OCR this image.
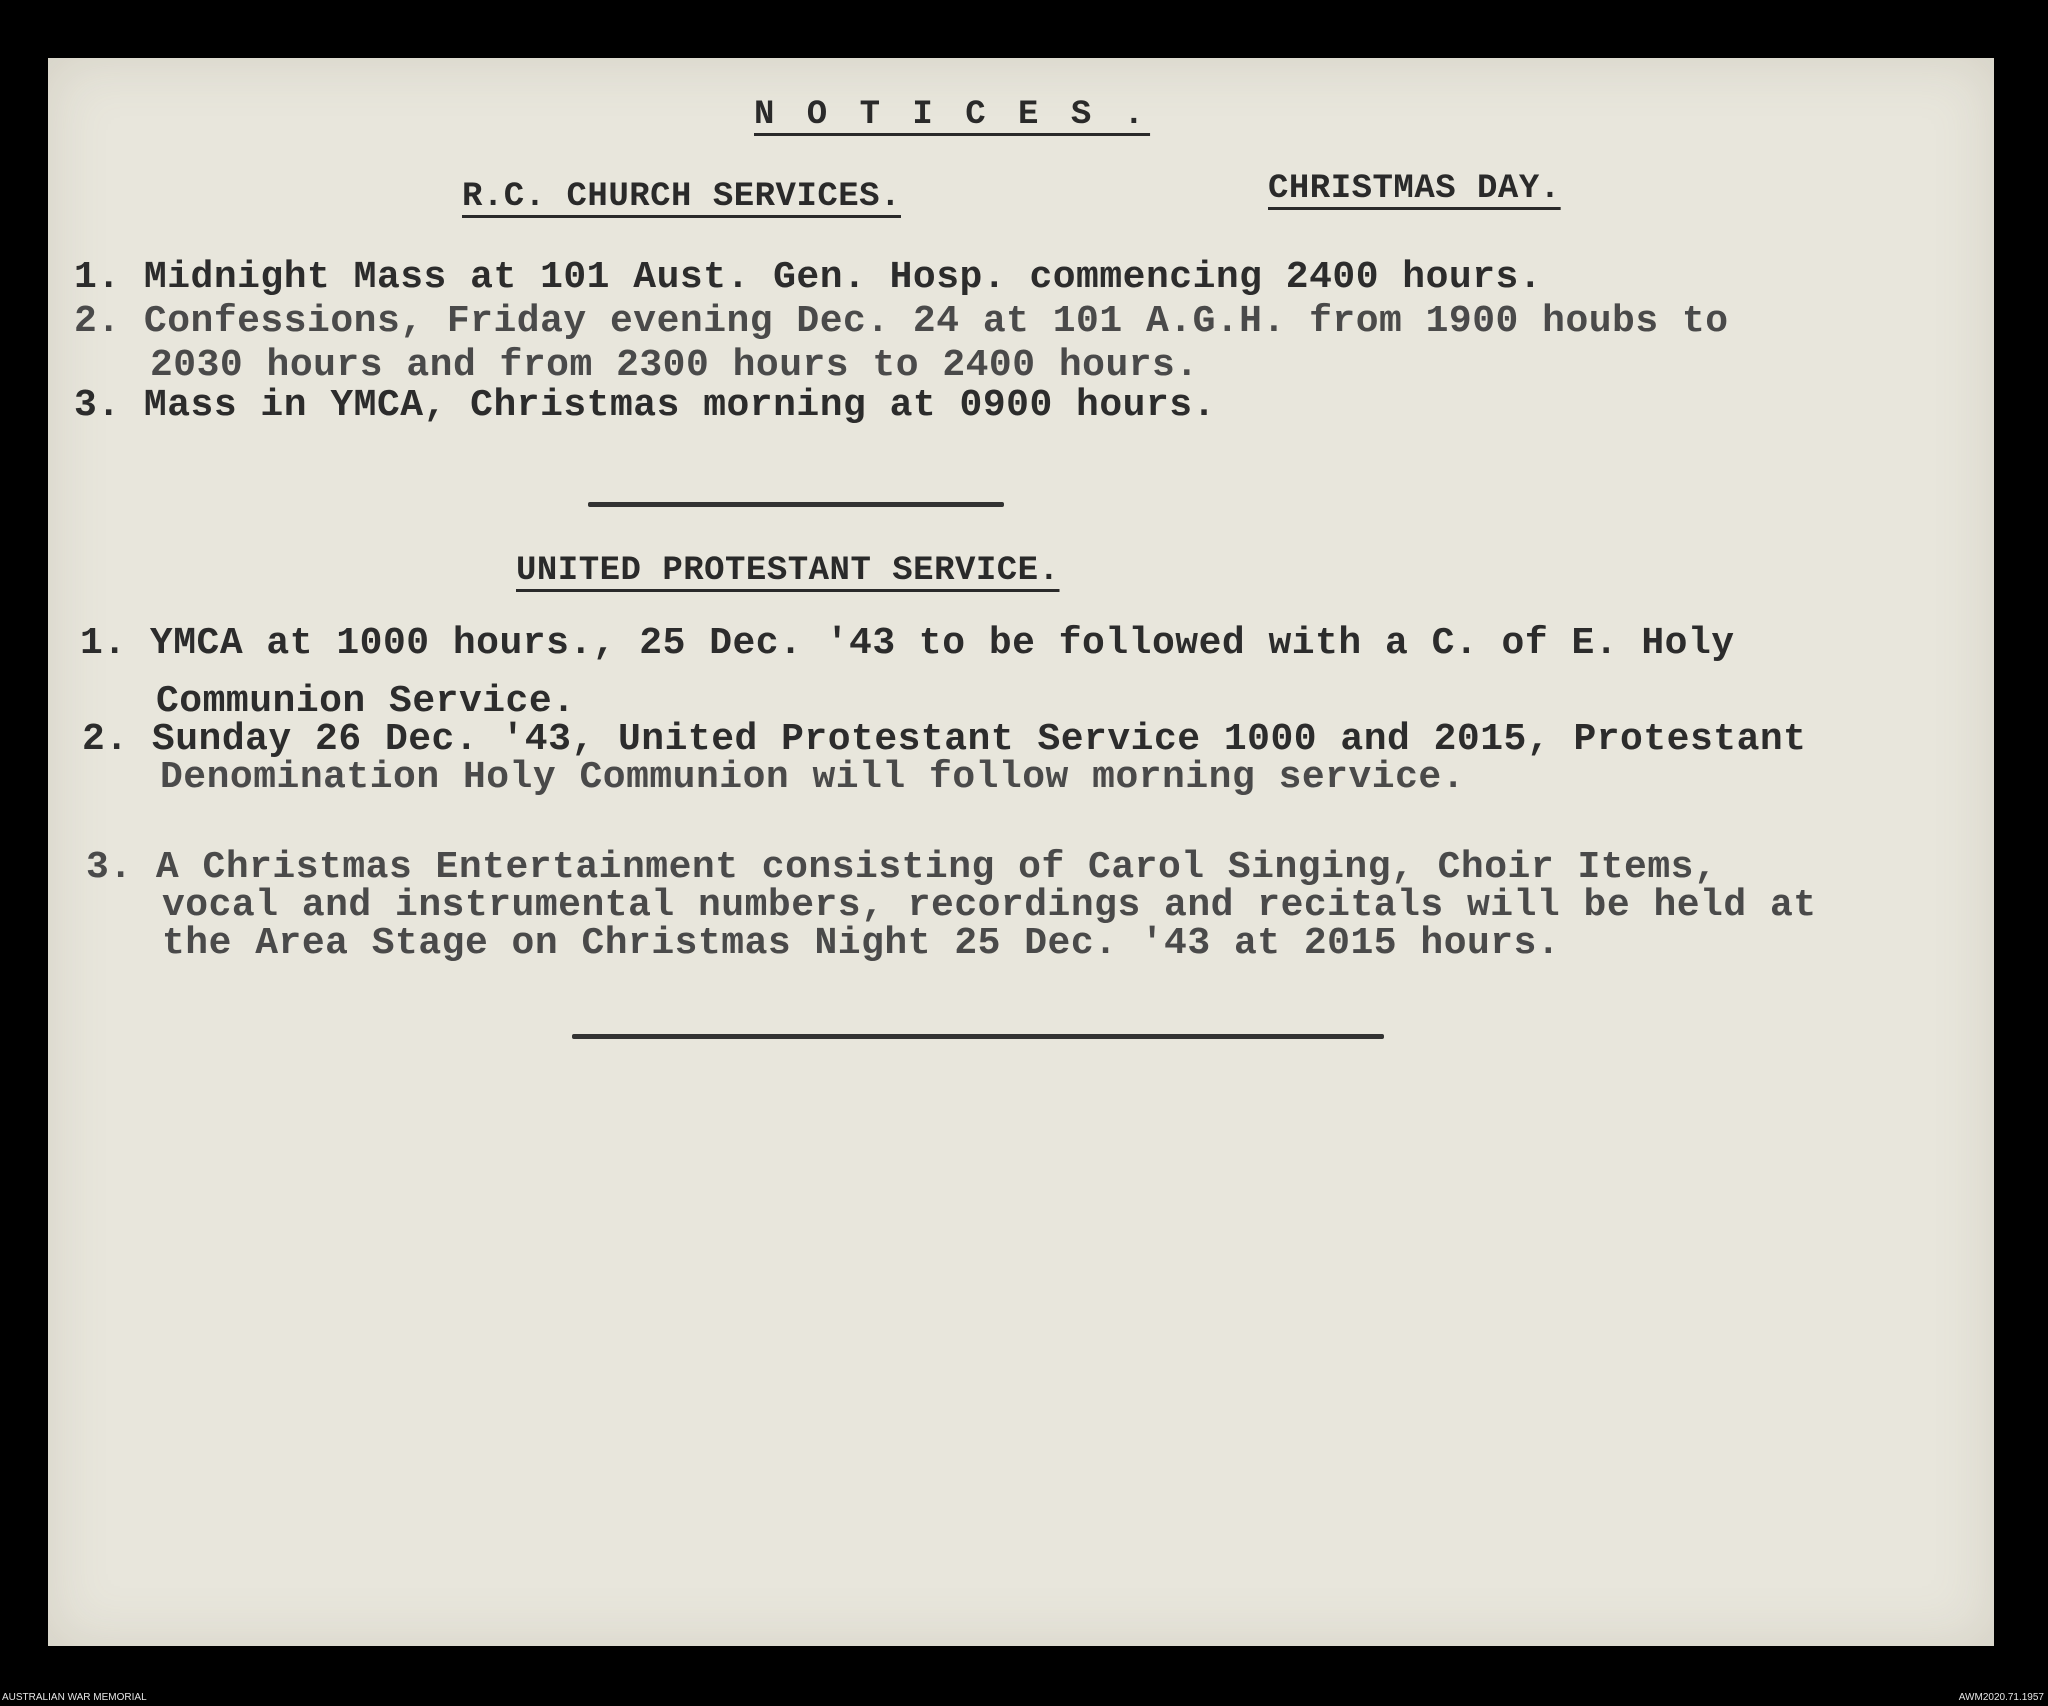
N O T I C E S .
R.C. CHURCH SERVICES.	CHRISTMAS DAY.
1. Midnight Mass at 101 Aust. Gen. Hosp. commencing 2400 hours.
2. Confessions, Friday evening Dec. 24 at 101 A.G.H. from 1900 houbs to
2030 hours and from 2300 hours to 2400 hours.
3. Mass in YMCA, Christmas morning at 0900 hours.
UNITED PROTESTANT SERVICE.
1. YMCA at 1000 hours., 25 Dec. '43 to be followed with a C. of E. Holy
Communion Service.
2. Sunday 26 Dec. '43, United Protestant Service 1000 and 2015, Protestant
Denomination Holy Communion will follow morning service.
3. A Christmas Entertainment consisting of Carol Singing, Choir Items,
vocal and instrumental numbers, recordings and recitals will be held at
the Area Stage on Christmas Night 25 Dec. '43 at 2015 hours.
AUSTRALIAN WAR MEMORIAL	AWM2020.71.1957
